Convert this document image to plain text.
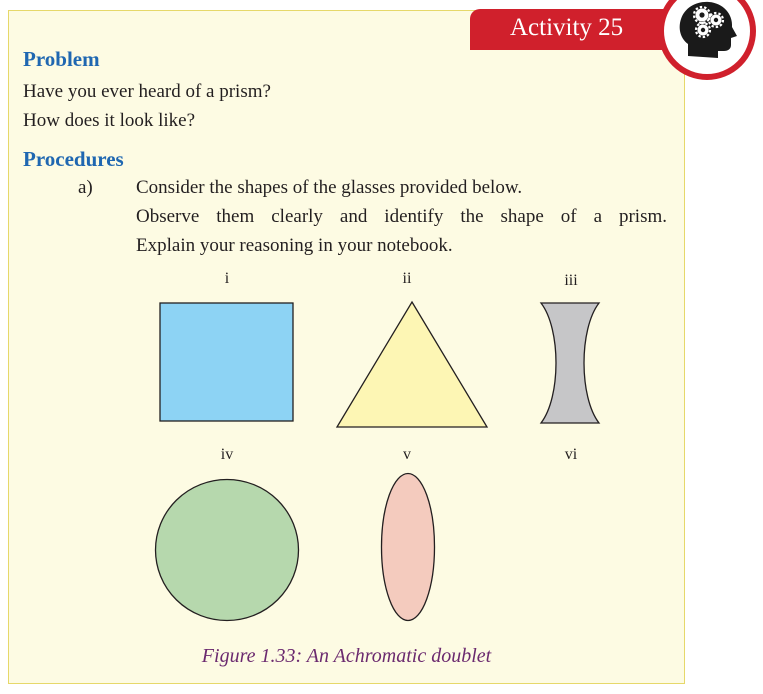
Activity 25
Problem
Have you ever heard of a prism?
How does it look like?
Procedures
a) Consider the shapes of the glasses provided below.
Observe them clearly and identify the shape of a prism.
Explain your reasoning in your notebook.
i	ii	iii
iv	v	vi
Figure 1.33: An Achromatic doublet
